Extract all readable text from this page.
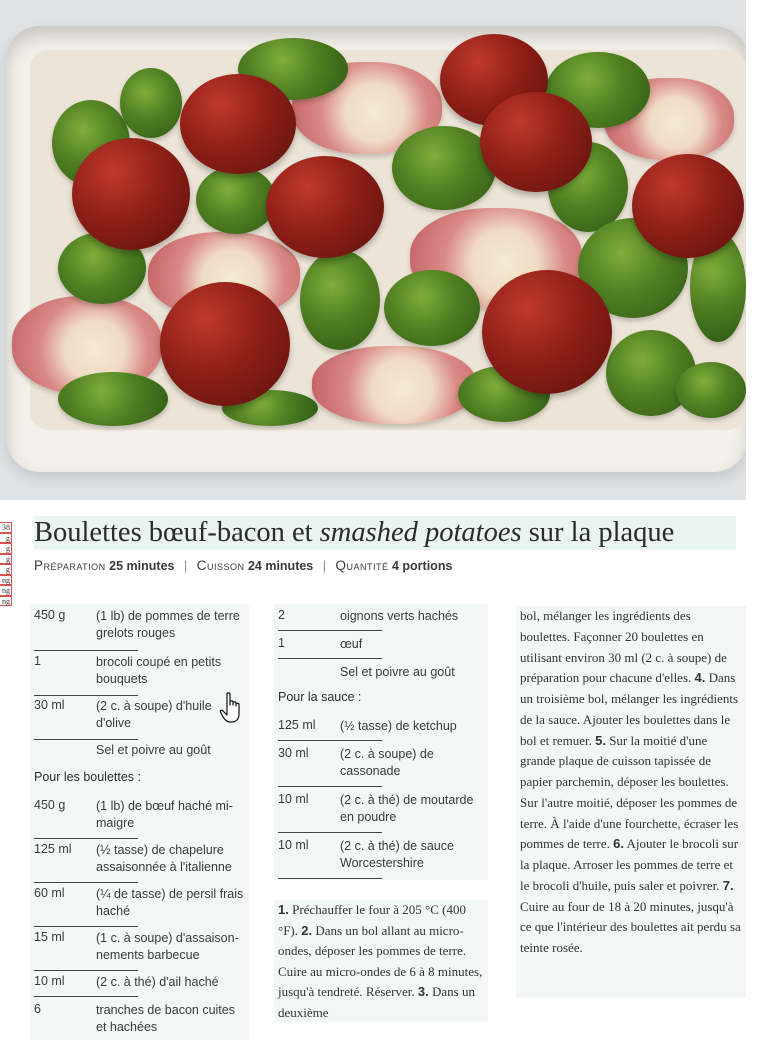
38
g
g
g
g
ng
ng
ng
Boulettes bœuf-bacon et smashed potatoes sur la plaque
Préparation 25 minutes | Cuisson 24 minutes | Quantité 4 portions
450 g (1 lb) de pommes de terre grelots rouges
1	brocoli coupé en petits bouquets
30 ml	(2 c. à soupe) d'huile d'olive
Sel et poivre au goût
Pour les boulettes :
450 g (1 lb) de bœuf haché mi-maigre
125 ml (½ tasse) de chapelure assaisonnée à l'italienne
60 ml	(¼ de tasse) de persil frais haché
15 ml	(1 c. à soupe) d'assaisonnements barbecue
10 ml	(2 c. à thé) d'ail haché
6	tranches de bacon cuites et hachées
2	oignons verts hachés
1	œuf
Sel et poivre au goût
Pour la sauce :
125 ml (½ tasse) de ketchup
30 ml	(2 c. à soupe) de cassonade
10 ml	(2 c. à thé) de moutarde en poudre
10 ml	(2 c. à thé) de sauce Worcestershire
1. Préchauffer le four à 205 °C (400 °F). 2. Dans un bol allant au micro-ondes, déposer les pommes de terre. Cuire au micro-ondes de 6 à 8 minutes, jusqu'à tendreté. Réserver. 3. Dans un deuxième
bol, mélanger les ingrédients des boulettes. Façonner 20 boulettes en utilisant environ 30 ml (2 c. à soupe) de préparation pour chacune d'elles. 4. Dans un troisième bol, mélanger les ingrédients de la sauce. Ajouter les boulettes dans le bol et remuer. 5. Sur la moitié d'une grande plaque de cuisson tapissée de papier parchemin, déposer les boulettes. Sur l'autre moitié, déposer les pommes de terre. À l'aide d'une fourchette, écraser les pommes de terre. 6. Ajouter le brocoli sur la plaque. Arroser les pommes de terre et le brocoli d'huile, puis saler et poivrer. 7. Cuire au four de 18 à 20 minutes, jusqu'à ce que l'intérieur des boulettes ait perdu sa teinte rosée.
